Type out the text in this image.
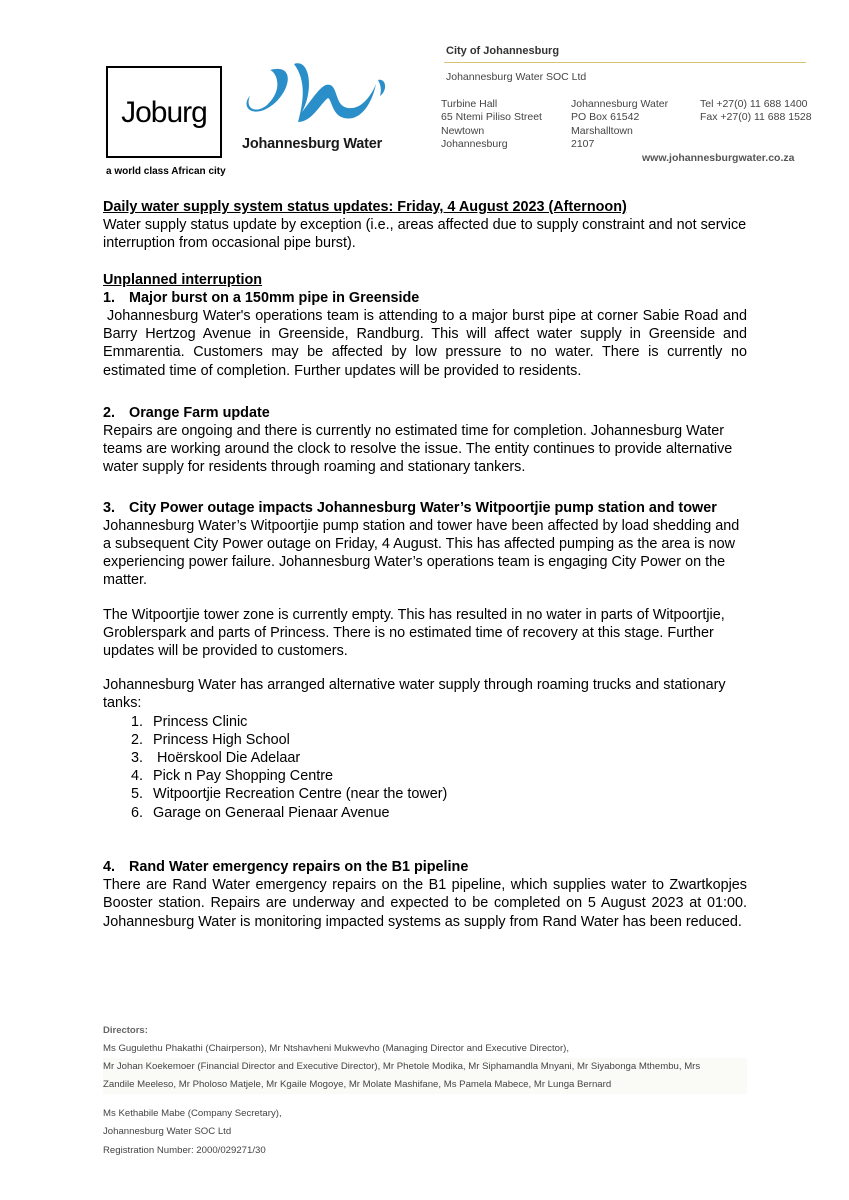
Joburg
a world class African city
Johannesburg Water
City of Johannesburg
Johannesburg Water SOC Ltd
Turbine Hall
65 Ntemi Piliso Street
Newtown
Johannesburg
Johannesburg Water
PO Box 61542
Marshalltown
2107
Tel +27(0) 11 688 1400
Fax +27(0) 11 688 1528
www.johannesburgwater.co.za

Daily water supply system status updates: Friday, 4 August 2023 (Afternoon)

Water supply status update by exception (i.e., areas affected due to supply constraint and not service interruption from occasional pipe burst).

Unplanned interruption

1. Major burst on a 150mm pipe in Greenside

Johannesburg Water's operations team is attending to a major burst pipe at corner Sabie Road and Barry Hertzog Avenue in Greenside, Randburg. This will affect water supply in Greenside and Emmarentia. Customers may be affected by low pressure to no water. There is currently no estimated time of completion. Further updates will be provided to residents.

2. Orange Farm update

Repairs are ongoing and there is currently no estimated time for completion. Johannesburg Water teams are working around the clock to resolve the issue. The entity continues to provide alternative water supply for residents through roaming and stationary tankers.

3. City Power outage impacts Johannesburg Water’s Witpoortjie pump station and tower

Johannesburg Water’s Witpoortjie pump station and tower have been affected by load shedding and a subsequent City Power outage on Friday, 4 August. This has affected pumping as the area is now experiencing power failure. Johannesburg Water’s operations team is engaging City Power on the matter.

The Witpoortjie tower zone is currently empty. This has resulted in no water in parts of Witpoortjie, Groblerspark and parts of Princess. There is no estimated time of recovery at this stage. Further updates will be provided to customers.

Johannesburg Water has arranged alternative water supply through roaming trucks and stationary tanks:

1. Princess Clinic
2. Princess High School
3. Hoërskool Die Adelaar
4. Pick n Pay Shopping Centre
5. Witpoortjie Recreation Centre (near the tower)
6. Garage on Generaal Pienaar Avenue
4. Rand Water emergency repairs on the B1 pipeline

There are Rand Water emergency repairs on the B1 pipeline, which supplies water to Zwartkopjes Booster station. Repairs are underway and expected to be completed on 5 August 2023 at 01:00. Johannesburg Water is monitoring impacted systems as supply from Rand Water has been reduced.

Directors:
Ms Gugulethu Phakathi (Chairperson), Mr Ntshavheni Mukwevho (Managing Director and Executive Director),
Mr Johan Koekemoer (Financial Director and Executive Director), Mr Phetole Modika, Mr Siphamandla Mnyani, Mr Siyabonga Mthembu, Mrs
Zandile Meeleso, Mr Pholoso Matjele, Mr Kgaile Mogoye, Mr Molate Mashifane, Ms Pamela Mabece, Mr Lunga Bernard
Ms Kethabile Mabe (Company Secretary),
Johannesburg Water SOC Ltd
Registration Number: 2000/029271/30
